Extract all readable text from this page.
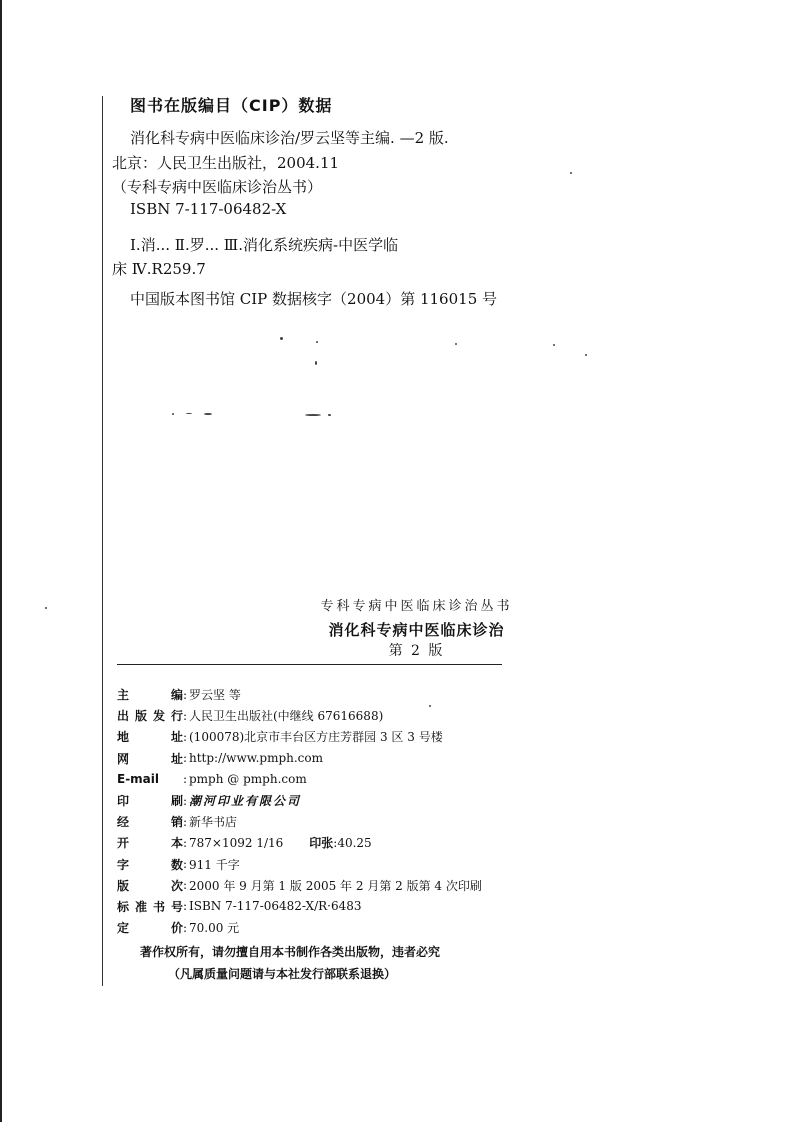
图书在版编目（CIP）数据
消化科专病中医临床诊治/罗云坚等主编. —2 版.
北京：人民卫生出版社，2004.11
（专科专病中医临床诊治丛书）
ISBN 7-117-06482-X
Ⅰ.消... Ⅱ.罗... Ⅲ.消化系统疾病-中医学临
床 Ⅳ.R259.7
中国版本图书馆 CIP 数据核字（2004）第 116015 号
专科专病中医临床诊治丛书
消化科专病中医临床诊治
第 2 版
主编 : 罗云坚 等
出版发行 : 人民卫生出版社(中继线 67616688)
地址 : (100078)北京市丰台区方庄芳群园 3 区 3 号楼
网址 : http://www.pmph.com
E-mail	: pmph @ pmph.com
印刷 : 潮河印业有限公司
经销 : 新华书店
开本 : 787×1092 1/16 印张:40.25
字数 : 911 千字
版次 : 2000 年 9 月第 1 版 2005 年 2 月第 2 版第 4 次印刷
标准书号 : ISBN 7-117-06482-X/R·6483
定价 : 70.00 元
著作权所有，请勿擅自用本书制作各类出版物，违者必究
（凡属质量问题请与本社发行部联系退换）
